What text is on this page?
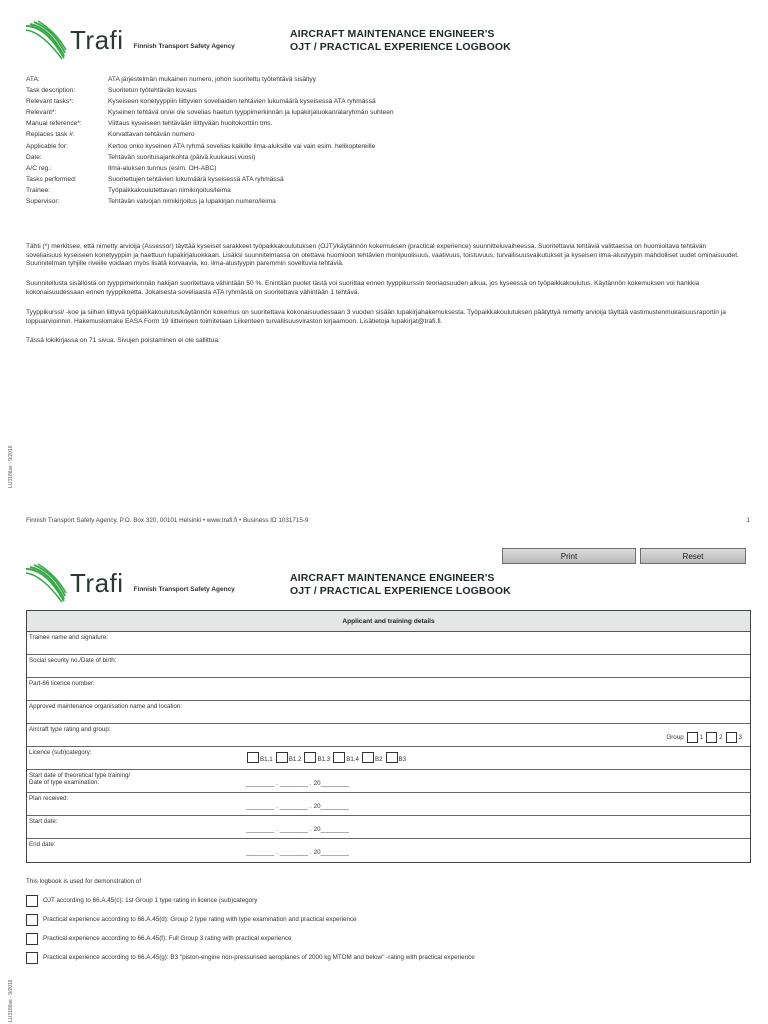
Trafi Finnish Transport Safety Agency
AIRCRAFT MAINTENANCE ENGINEER'S
OJT / PRACTICAL EXPERIENCE LOGBOOK
ATA:	ATA järjestelmän mukainen numero, johon suoritettu työtehtävä sisältyy
Task description:	Suoritetun työtehtävän kuvaus
Relevant tasks*:	Kyseiseen konetyyppiin liittyvien soveliaiden tehtävien lukumäärä kyseisessä ATA ryhmässä
Relevant*:	Kyseinen tehtävä on/ei ole sovelias haetun tyyppimerkinnän ja lupakirjaluokan/alaryhmän suhteen
Manual reference*:	Viittaus kyseiseen tehtävään liittyvään huoltokorttiin tms.
Replaces task #:	Korvattavan tehtävän numero
Applicable for:	Kertoo onko kyseinen ATA ryhmä sovelias kaikille ilma-aluksille vai vain esim. helikoptereille
Date:	Tehtävän suoritusajankohta (päivä.kuukausi.vuosi)
A/C reg.:	Ilma-aluksen tunnus (esim. OH-ABC)
Tasks performed:	Suoritettujen tehtävien lukumäärä kyseisessä ATA ryhmässä
Trainee:	Työpaikkakoulutettavan nimikirjoitus/leima
Supervisor:	Tehtävän valvojan nimikirjoitus ja lupakirjan numero/leima
Tähti (*) merkitsee, että nimetty arvioija (Assessor) täyttää kyseiset sarakkeet työpaikkakoulutuksen (OJT)/käytännön kokemuksen (practical experience) suunnitteluvaiheessa. Suoritettavia tehtäviä valittaessa on huomioitava tehtävän soveliaisuus kyseiseen konetyyppiin ja haettuun lupakirjaluokkaan. Lisäksi suunnitelmassa on otettava huomioon tehtävien monipuolisuus, vaativuus, toistuvuus, turvallisuusvaikutukset ja kyseisen ilma-alustyypin mahdolliset uudet ominaisuudet. Suunnitelman tyhjille riveille voidaan myös lisätä korvaavia, ko. ilma-alustyypin paremmin soveltuvia tehtäviä.
Suunnitellusta sisällöstä on tyyppimerkinnän hakijan suoritettava vähintään 50 %. Enintään puolet tästä voi suorittaa ennen tyyppikurssin teoriaosuuden alkua, jos kyseessä on työpaikkakoulutus. Käytännön kokemuksen voi hankkia kokonaisuudessaan ennen tyyppikoetta. Jokaisesta soveliaasta ATA ryhmästä on suoritettava vähintään 1 tehtävä.
Tyyppikurssi/ -koe ja siihen liittyvä työpaikkakoulutus/käytännön kokemus on suoritettava kokonaisuudessaan 3 vuoden sisään lupakirjahakemuksesta. Työpaikkakoulutuksen päätyttyä nimetty arvioija täyttää vastimustenmukaisuusraportin ja loppuarvioinnin. Hakemuslomake EASA Form 19 liitteineen toimitetaan Liikenteen turvallisuusviraston kirjaamoon. Lisätietoja lupakirjat@trafi.fi.
Tässä lokikirjassa on 71 sivua. Sivujen poistaminen ei ole sallittua.
LU3186se - 9/2016
LU3186se - 9/2016
Finnish Transport Safety Agency, P.O. Box 320, 00101 Helsinki • www.trafi.fi • Business ID 1031715-9	1
Print	Reset
Trafi Finnish Transport Safety Agency
AIRCRAFT MAINTENANCE ENGINEER'S
OJT / PRACTICAL EXPERIENCE LOGBOOK
Applicant and training details
Trainee name and signature:
Social security no./Date of birth:
Part-66 licence number:
Approved maintenance organisation name and location:
Aircraft type rating and group:
Group	1	2	3
Licence (sub)category:
B1.1	B1.2	B1.3	B1.4	B2	B3
Start date of theoretical type training/
Date of type examination:	________ . ________ . 20________
Plan received:
________ . ________ . 20________
Start date:
________ . ________ . 20________
End date:
________ . ________ . 20________
This logbook is used for demonstration of
OJT according to 66.A.45(c): 1st Group 1 type rating in licence (sub)category
Practical experience according to 66.A.45(d): Group 2 type rating with type examination and practical experience
Practical experience according to 66.A.45(f): Full Group 3 rating with practical experience
Practical experience according to 66.A.45(g): B3 "piston-engine non-pressurised aeroplanes of 2000 kg MTOM and below" -rating with practical experience
